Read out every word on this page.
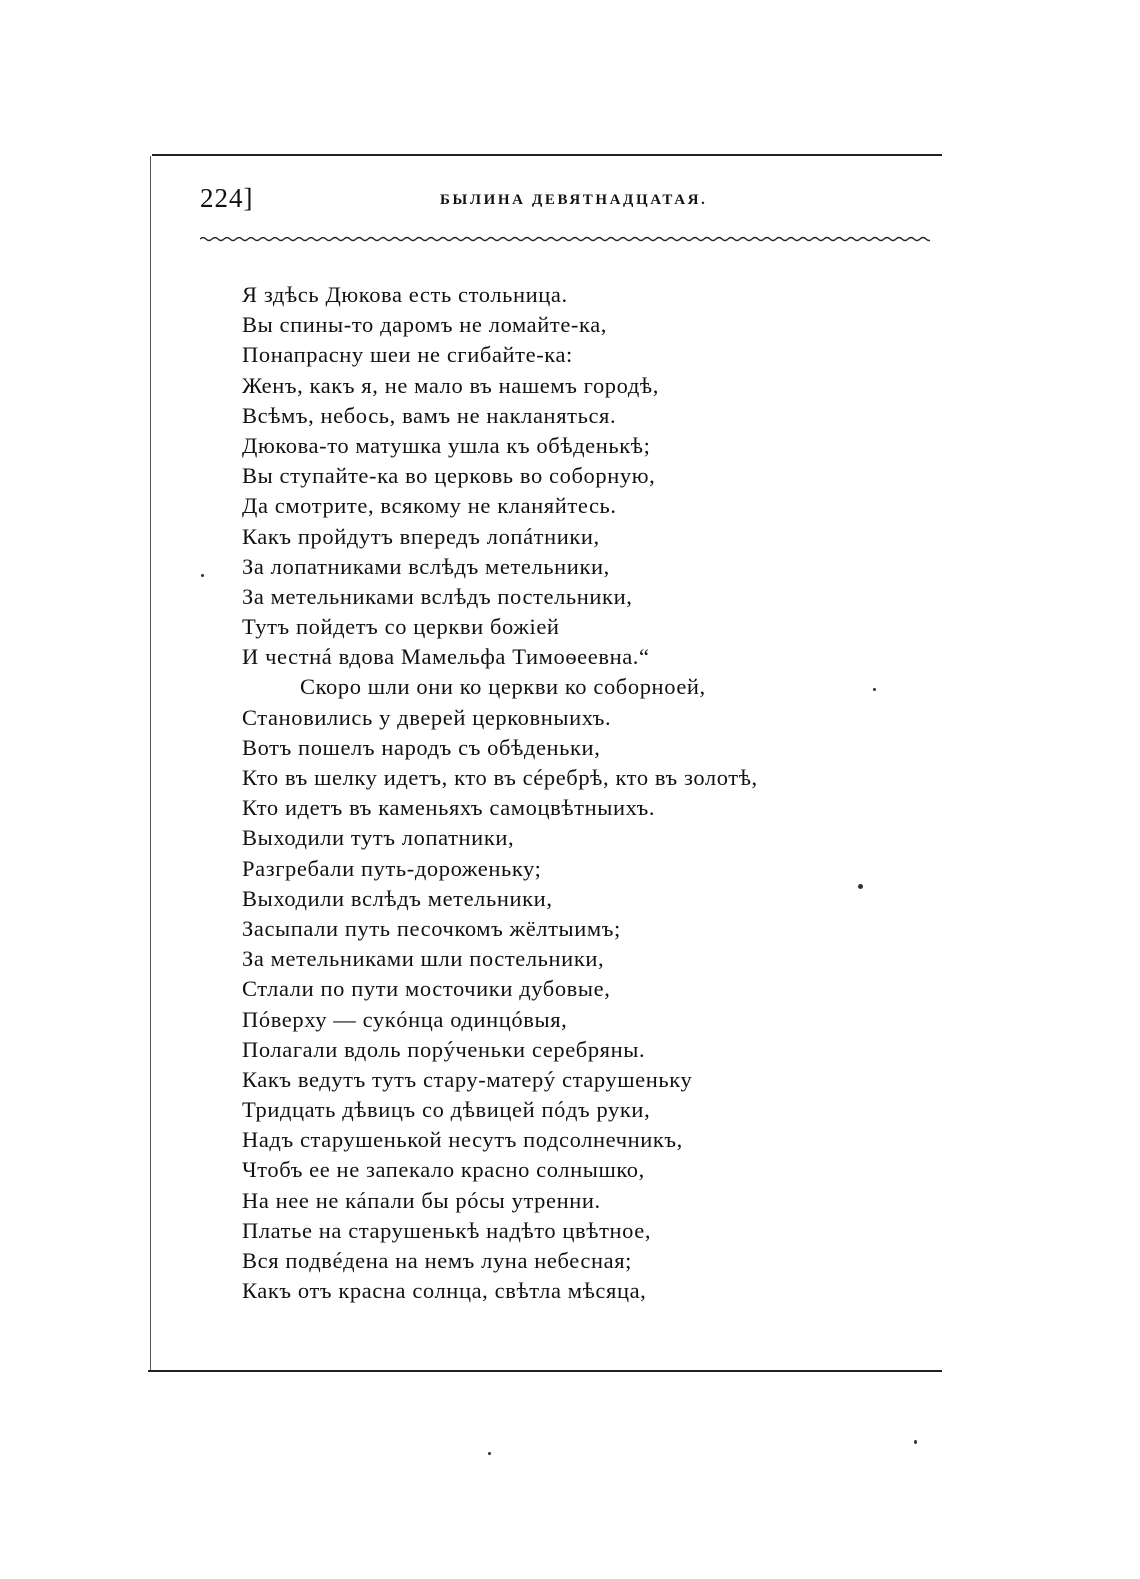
224]	БЫЛИНА ДЕВЯТНАДЦАТАЯ.
Я здѣсь Дюкова есть стольница.
Вы спины-то даромъ не ломайте-ка,
Понапрасну шеи не сгибайте-ка:
Женъ, какъ я, не мало въ нашемъ городѣ,
Всѣмъ, небось, вамъ не накланяться.
Дюкова-то матушка ушла къ обѣденькѣ;
Вы ступайте-ка во церковь во соборную,
Да смотрите, всякому не кланяйтесь.
Какъ пройдутъ впередъ лопáтники,
За лопатниками вслѣдъ метельники,
За метельниками вслѣдъ постельники,
Тутъ пойдетъ со церкви божiей
И честнá вдова Мамельфа Тимоѳеевна.“
Скоро шли они ко церкви ко соборноей,
Становились у дверей церковныихъ.
Вотъ пошелъ народъ съ обѣденьки,
Кто въ шелку идетъ, кто въ сéребрѣ, кто въ золотѣ,
Кто идетъ въ каменьяхъ самоцвѣтныихъ.
Выходили тутъ лопатники,
Разгребали путь-дороженьку;
Выходили вслѣдъ метельники,
Засыпали путь песочкомъ жёлтыимъ;
За метельниками шли постельники,
Стлали по пути мосточики дубовые,
Пóверху — сукóнца одинцóвыя,
Полагали вдоль порýченьки серебряны.
Какъ ведутъ тутъ стару-матерý старушеньку
Тридцать дѣвицъ со дѣвицей пóдъ руки,
Надъ старушенькой несутъ подсолнечникъ,
Чтобъ ее не запекало красно солнышко,
На нее не кáпали бы рóсы утренни.
Платье на старушенькѣ надѣто цвѣтное,
Вся подвéдена на немъ луна небесная;
Какъ отъ красна солнца, свѣтла мѣсяца,
